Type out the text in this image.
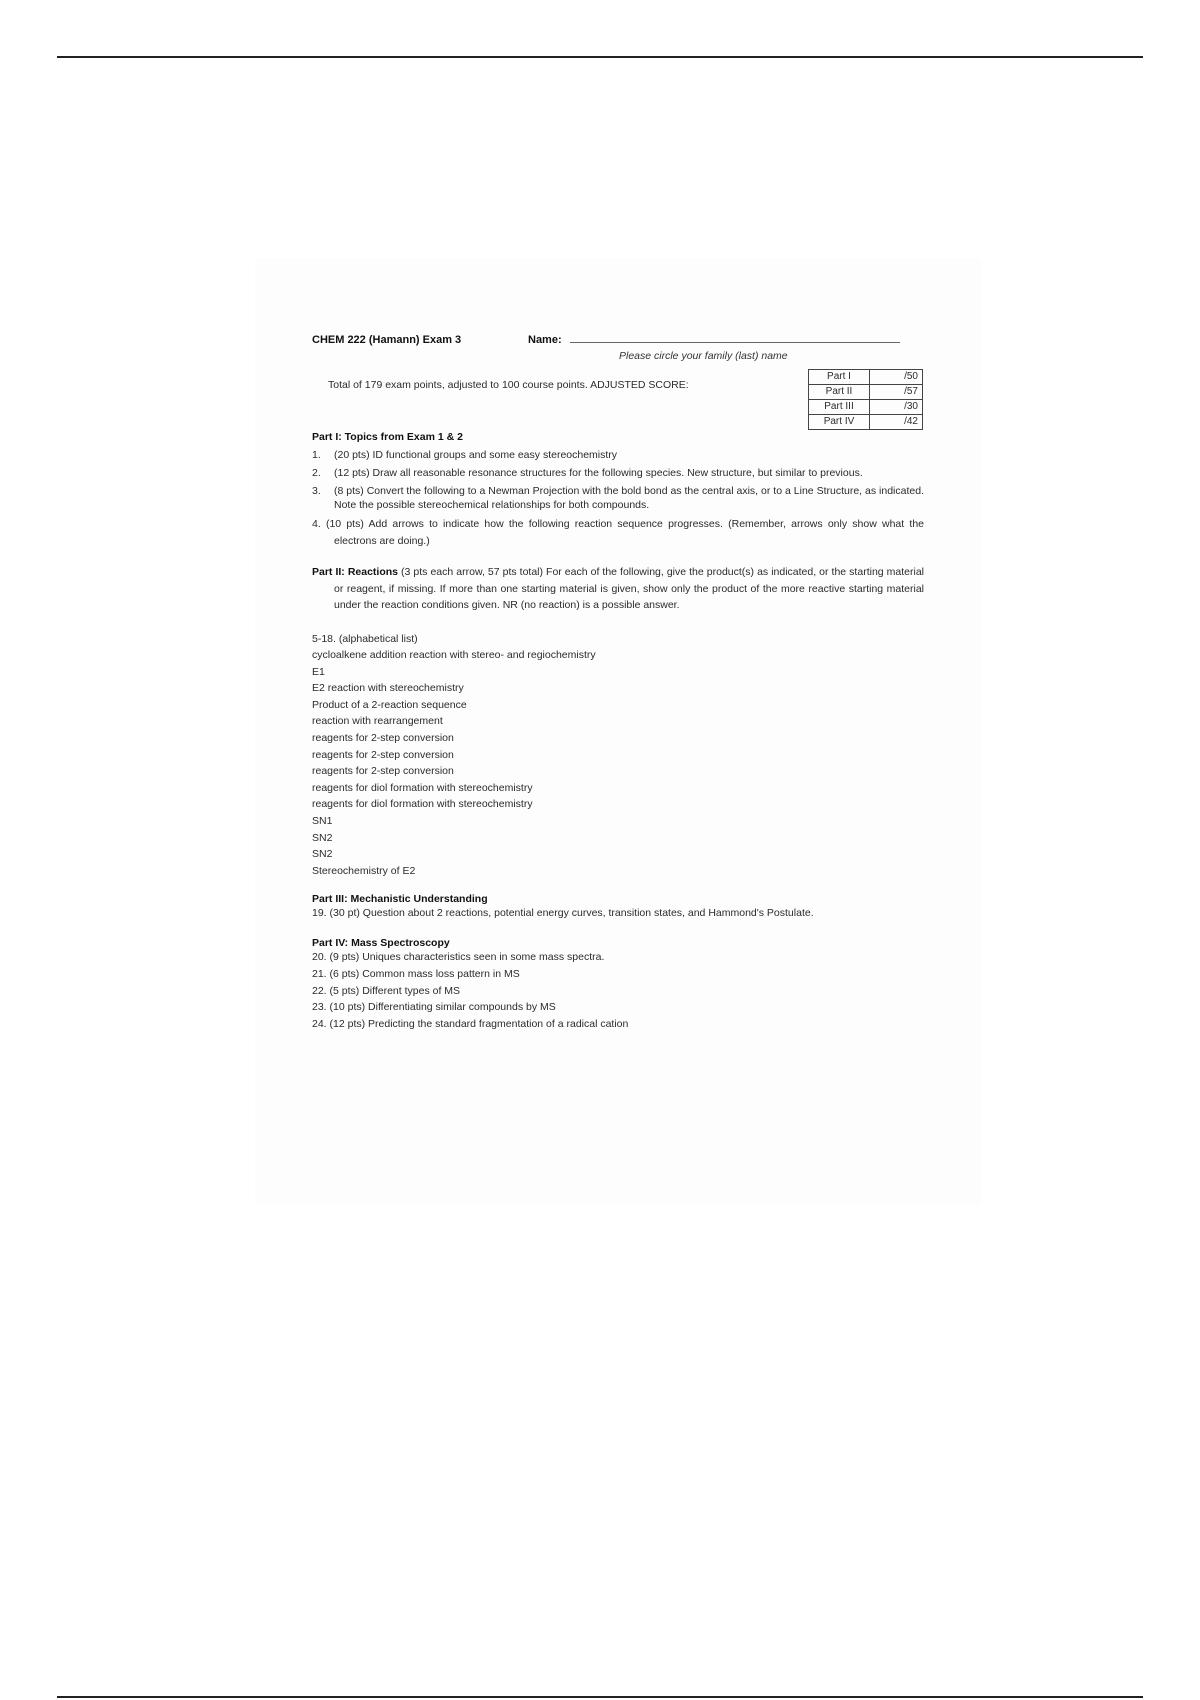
CHEM 222 (Hamann) Exam 3	Name:
Please circle your family (last) name
Total of 179 exam points, adjusted to 100 course points. ADJUSTED SCORE:
Part I	/50
Part II	/57
Part III	/30
Part IV	/42

Part I: Topics from Exam 1 & 2

1.	(20 pts) ID functional groups and some easy stereochemistry
2.	(12 pts) Draw all reasonable resonance structures for the following species. New structure, but similar to previous.
3.	(8 pts) Convert the following to a Newman Projection with the bold bond as the central axis, or to a Line Structure, as indicated. Note the possible stereochemical relationships for both compounds.

4. (10 pts) Add arrows to indicate how the following reaction sequence progresses. (Remember, arrows only show what the electrons are doing.)

Part II: Reactions (3 pts each arrow, 57 pts total) For each of the following, give the product(s) as indicated, or the starting material or reagent, if missing. If more than one starting material is given, show only the product of the more reactive starting material under the reaction conditions given. NR (no reaction) is a possible answer.

5-18. (alphabetical list)

cycloalkene addition reaction with stereo- and regiochemistry

E1

E2 reaction with stereochemistry

Product of a 2-reaction sequence

reaction with rearrangement

reagents for 2-step conversion

reagents for 2-step conversion

reagents for 2-step conversion

reagents for diol formation with stereochemistry

reagents for diol formation with stereochemistry

SN1

SN2

SN2

Stereochemistry of E2

Part III: Mechanistic Understanding

19. (30 pt) Question about 2 reactions, potential energy curves, transition states, and Hammond's Postulate.

Part IV: Mass Spectroscopy

20. (9 pts) Uniques characteristics seen in some mass spectra.

21. (6 pts) Common mass loss pattern in MS

22. (5 pts) Different types of MS

23. (10 pts) Differentiating similar compounds by MS

24. (12 pts) Predicting the standard fragmentation of a radical cation
